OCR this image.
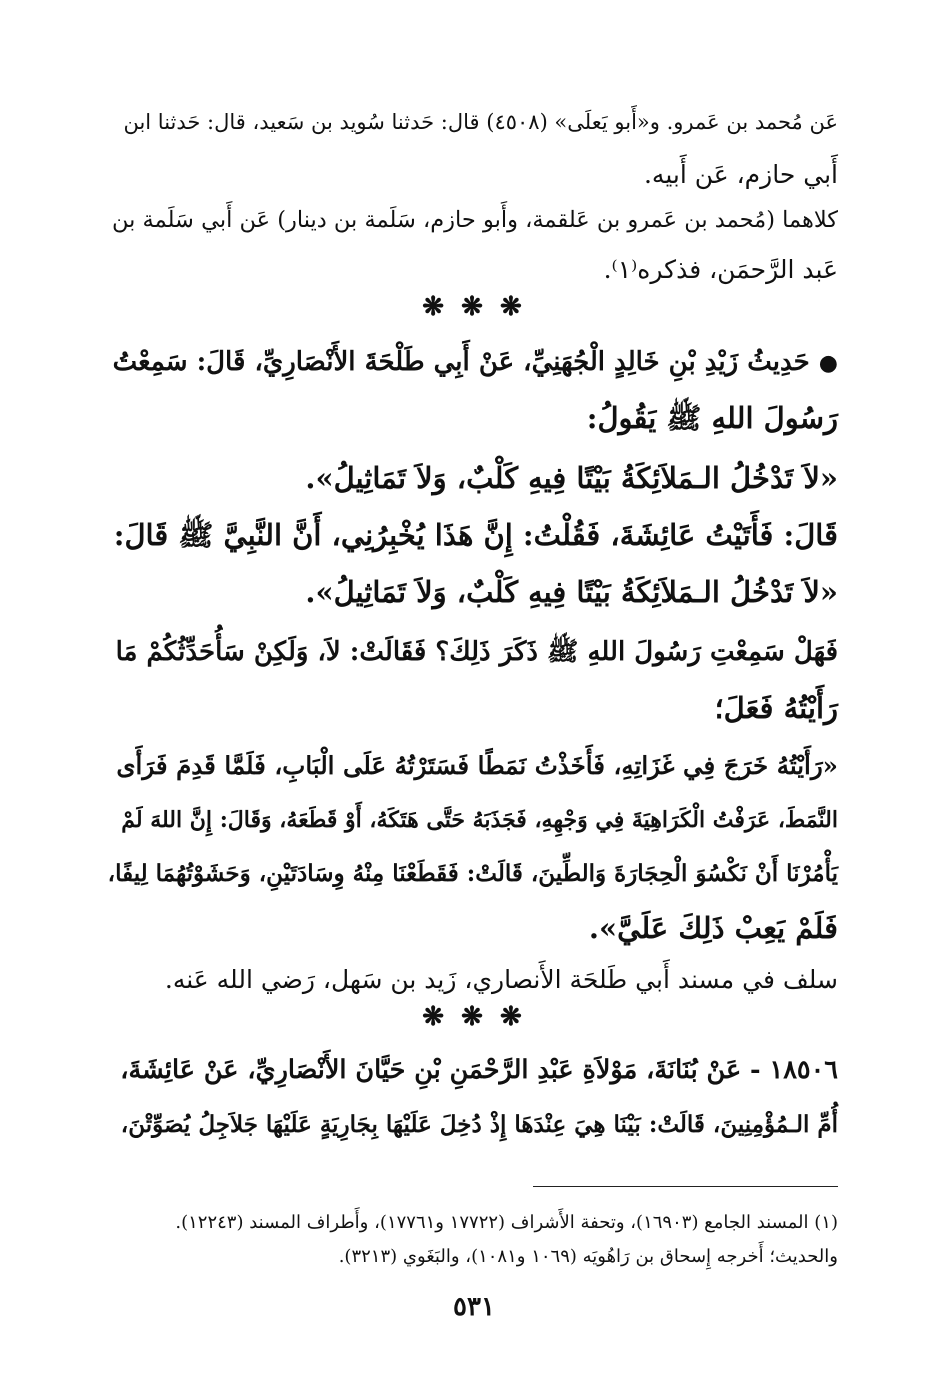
عَن مُحمد بن عَمرو. و«أَبو يَعلَى» (٤٥٠٨) قال: حَدثنا سُويد بن سَعيد، قال: حَدثنا ابن
أَبي حازم، عَن أَبيه.
كلاهما (مُحمد بن عَمرو بن عَلقمة، وأَبو حازم، سَلَمة بن دينار) عَن أَبي سَلَمة بن
عَبد الرَّحمَن، فذكره⁽١⁾.
❋ ❋ ❋
● حَدِيثُ زَيْدِ بْنِ خَالِدٍ الْجُهَنِيِّ، عَنْ أَبِي طَلْحَةَ الأَنْصَارِيِّ، قَالَ: سَمِعْتُ
رَسُولَ اللهِ ﷺ يَقُولُ:
«لاَ تَدْخُلُ الـمَلاَئِكَةُ بَيْتًا فِيهِ كَلْبٌ، وَلاَ تَمَاثِيلُ».
قَالَ: فَأَتَيْتُ عَائِشَةَ، فَقُلْتُ: إِنَّ هَذَا يُخْبِرُنِي، أَنَّ النَّبِيَّ ﷺ قَالَ:
«لاَ تَدْخُلُ الـمَلاَئِكَةُ بَيْتًا فِيهِ كَلْبٌ، وَلاَ تَمَاثِيلُ».
فَهَلْ سَمِعْتِ رَسُولَ اللهِ ﷺ ذَكَرَ ذَلِكَ؟ فَقَالَتْ: لاَ، وَلَكِنْ سَأُحَدِّثُكُمْ مَا
رَأَيْتُهُ فَعَلَ؛
«رَأَيْتُهُ خَرَجَ فِي غَزَاتِهِ، فَأَخَذْتُ نَمَطًا فَسَتَرْتُهُ عَلَى الْبَابِ، فَلَمَّا قَدِمَ فَرَأَى
النَّمَطَ، عَرَفْتُ الْكَرَاهِيَةَ فِي وَجْهِهِ، فَجَذَبَهُ حَتَّى هَتَكَهُ، أَوْ قَطَعَهُ، وَقَالَ: إِنَّ اللهَ لَمْ
يَأْمُرْنَا أَنْ نَكْسُوَ الْحِجَارَةَ وَالطِّينَ، قَالَتْ: فَقَطَعْنَا مِنْهُ وِسَادَتَيْنِ، وَحَشَوْتُهُمَا لِيفًا،
فَلَمْ يَعِبْ ذَلِكَ عَلَيَّ».
سلف في مسند أَبي طَلحَة الأَنصاري، زَيد بن سَهل، رَضي الله عَنه.
❋ ❋ ❋
١٨٥٠٦ - عَنْ بُنَانَةَ، مَوْلاَةِ عَبْدِ الرَّحْمَنِ بْنِ حَيَّانَ الأَنْصَارِيِّ، عَنْ عَائِشَةَ،
أُمِّ الـمُؤْمِنِينَ، قَالَتْ: بَيْنَا هِيَ عِنْدَهَا إِذْ دُخِلَ عَلَيْهَا بِجَارِيَةٍ عَلَيْهَا جَلاَجِلُ يُصَوِّتْنَ،
(١) المسند الجامع (١٦٩٠٣)، وتحفة الأَشراف (١٧٧٢٢ و١٧٧٦١)، وأَطراف المسند (١٢٢٤٣).
والحديث؛ أَخرجه إِسحاق بن رَاهُويَه (١٠٦٩ و١٠٨١)، والبَغَوي (٣٢١٣).
٥٣١
